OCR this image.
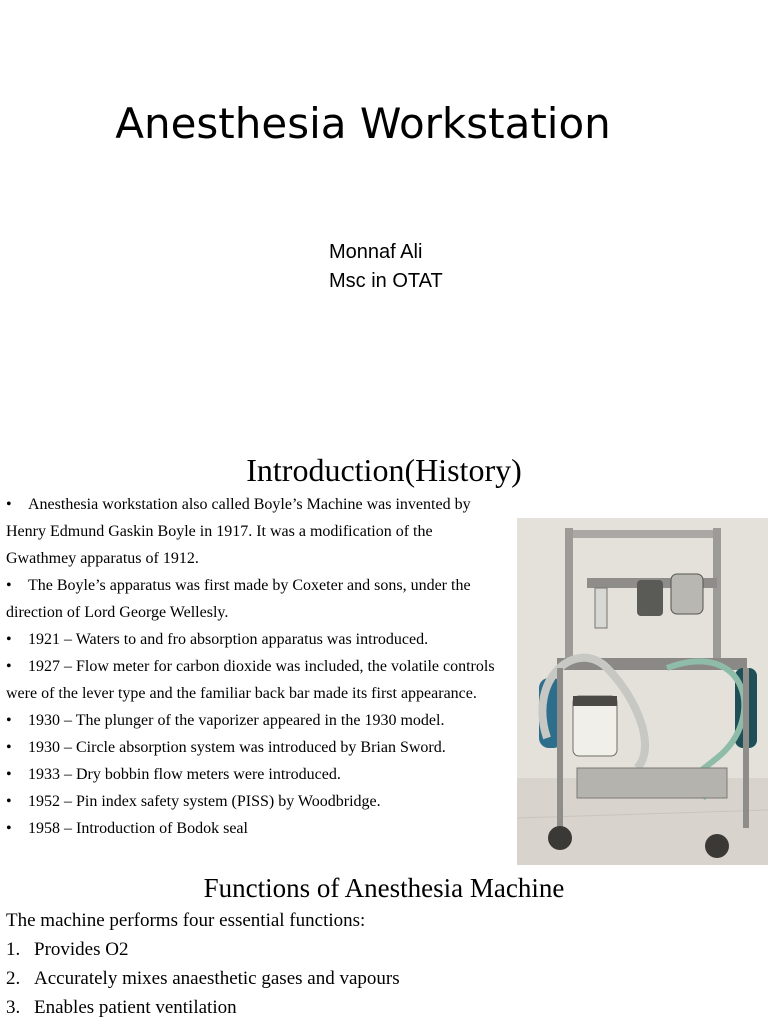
Anesthesia Workstation
Monnaf Ali
Msc in OTAT
Introduction(History)
• Anesthesia workstation also called Boyle’s Machine was invented by Henry Edmund Gaskin Boyle in 1917. It was a modification of the Gwathmey apparatus of 1912.
• The Boyle’s apparatus was first made by Coxeter and sons, under the direction of Lord George Wellesly.
• 1921 – Waters to and fro absorption apparatus was introduced.
• 1927 – Flow meter for carbon dioxide was included, the volatile controls were of the lever type and the familiar back bar made its first appearance.
• 1930 – The plunger of the vaporizer appeared in the 1930 model.
• 1930 – Circle absorption system was introduced by Brian Sword.
• 1933 – Dry bobbin flow meters were introduced.
• 1952 – Pin index safety system (PISS) by Woodbridge.
• 1958 – Introduction of Bodok seal
Functions of Anesthesia Machine
The machine performs four essential functions:
1. Provides O2
2. Accurately mixes anaesthetic gases and vapours
3. Enables patient ventilation
